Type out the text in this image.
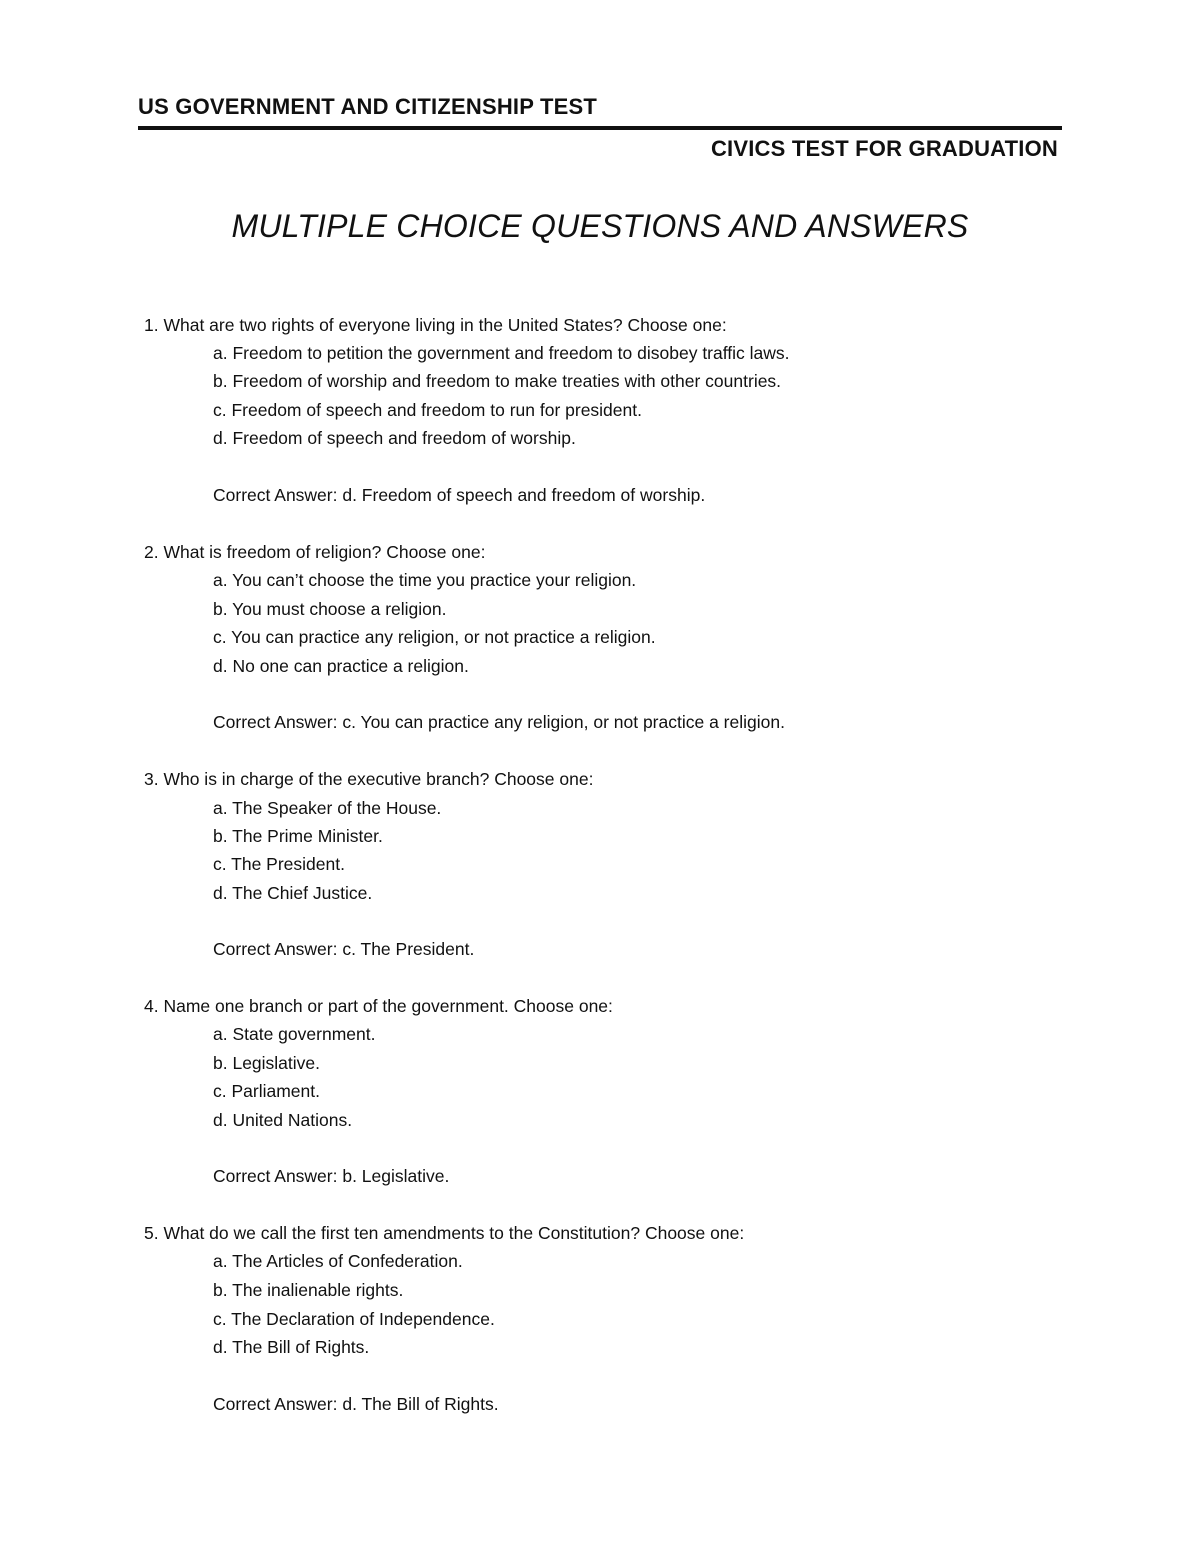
US GOVERNMENT AND CITIZENSHIP TEST
CIVICS TEST FOR GRADUATION
MULTIPLE CHOICE QUESTIONS AND ANSWERS
1. What are two rights of everyone living in the United States? Choose one:
a. Freedom to petition the government and freedom to disobey traffic laws.
b. Freedom of worship and freedom to make treaties with other countries.
c. Freedom of speech and freedom to run for president.
d. Freedom of speech and freedom of worship.
Correct Answer: d. Freedom of speech and freedom of worship.
2. What is freedom of religion? Choose one:
a. You can’t choose the time you practice your religion.
b. You must choose a religion.
c. You can practice any religion, or not practice a religion.
d. No one can practice a religion.
Correct Answer: c. You can practice any religion, or not practice a religion.
3. Who is in charge of the executive branch? Choose one:
a. The Speaker of the House.
b. The Prime Minister.
c. The President.
d. The Chief Justice.
Correct Answer: c. The President.
4. Name one branch or part of the government. Choose one:
a. State government.
b. Legislative.
c. Parliament.
d. United Nations.
Correct Answer: b. Legislative.
5. What do we call the first ten amendments to the Constitution? Choose one:
a. The Articles of Confederation.
b. The inalienable rights.
c. The Declaration of Independence.
d. The Bill of Rights.
Correct Answer: d. The Bill of Rights.
